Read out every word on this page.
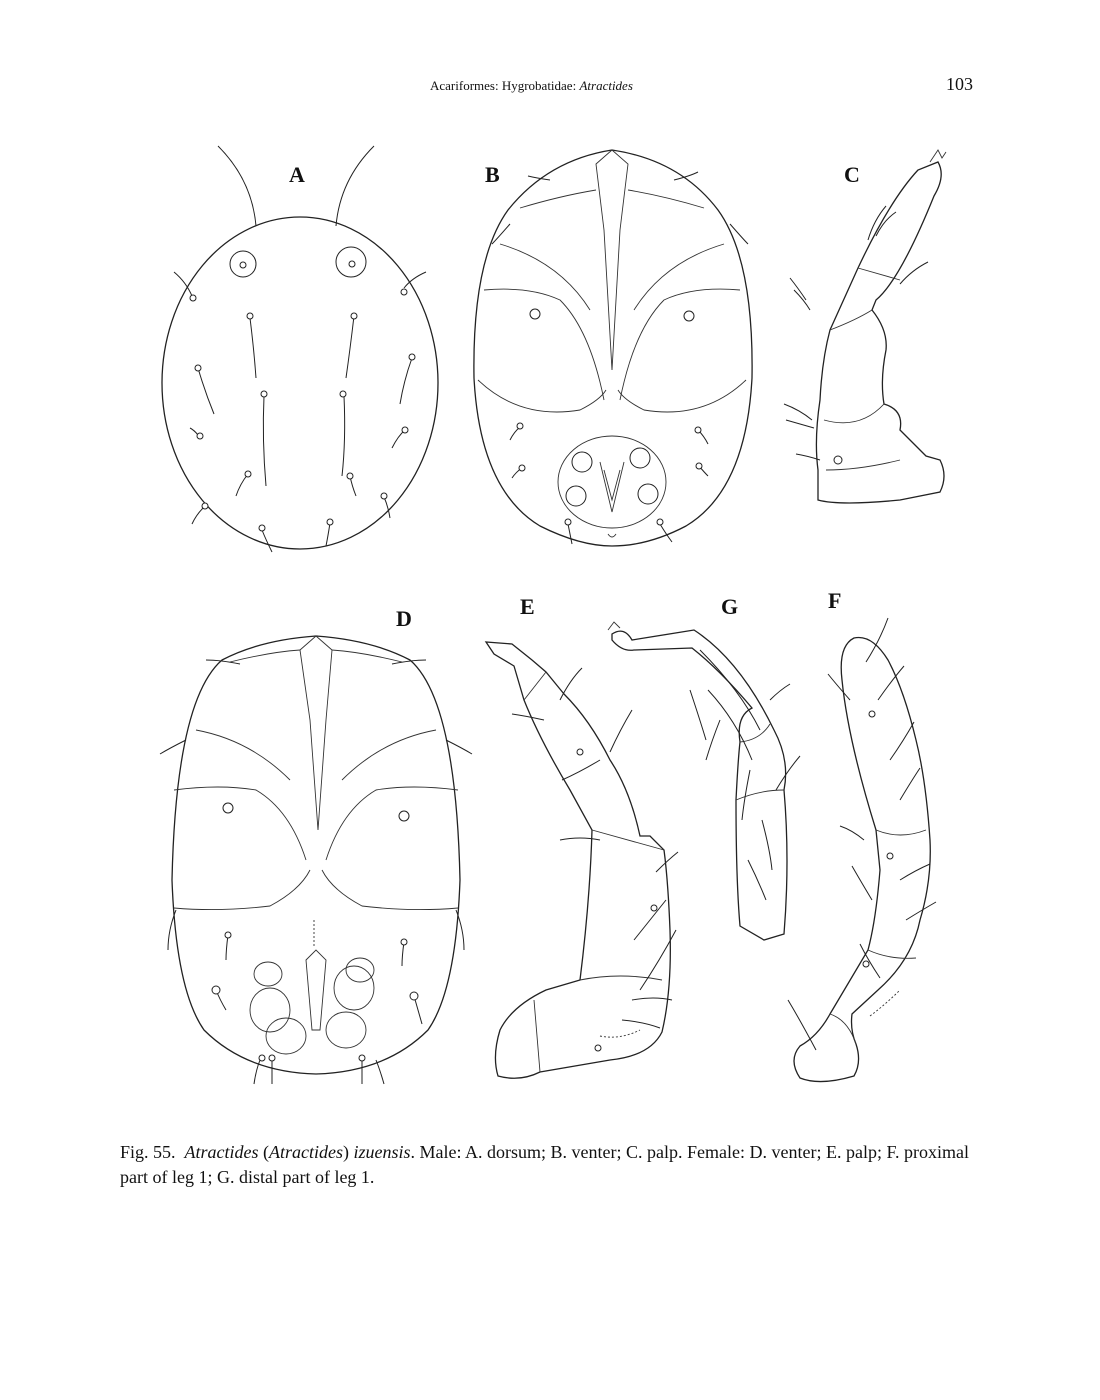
Acariformes: Hygrobatidae: Atractides	103
A	B	C
D	E	G	F
Fig. 55. Atractides (Atractides) izuensis. Male: A. dorsum; B. venter; C. palp. Female: D. venter; E. palp; F. proximal part of leg 1; G. distal part of leg 1.
